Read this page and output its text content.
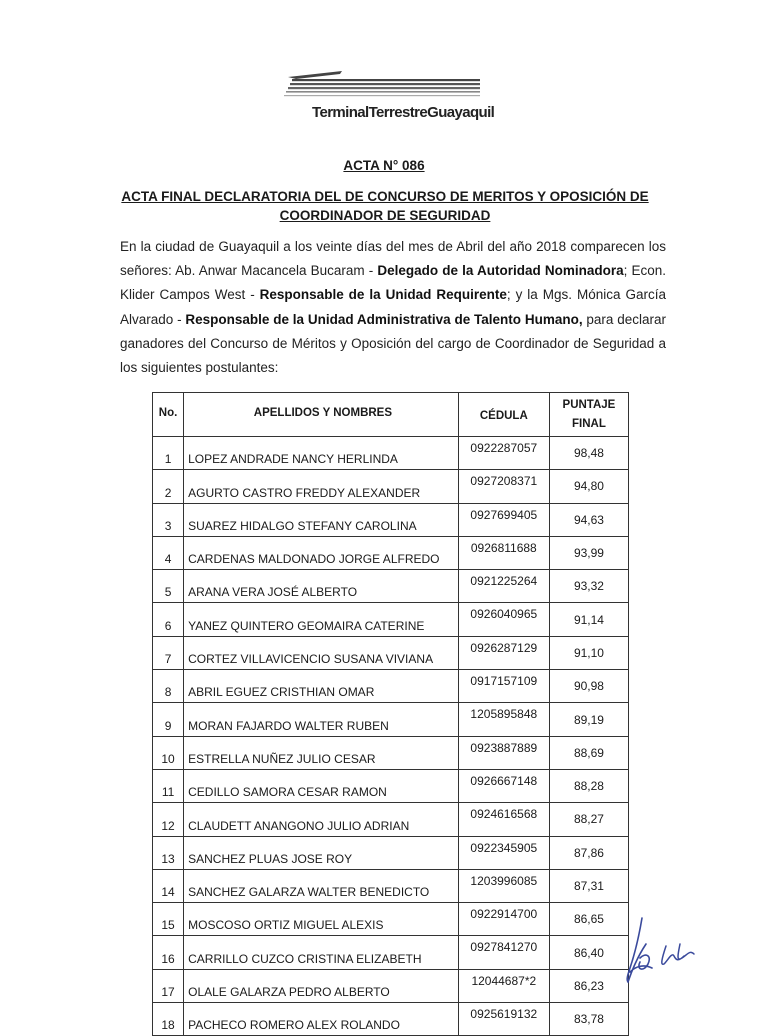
TerminalTerrestreGuayaquil
ACTA N° 086
ACTA FINAL DECLARATORIA DEL DE CONCURSO DE MERITOS Y OPOSICIÓN DE
COORDINADOR DE SEGURIDAD
En la ciudad de Guayaquil a los veinte días del mes de Abril del año 2018 comparecen los señores: Ab. Anwar Macancela Bucaram - Delegado de la Autoridad Nominadora; Econ. Klider Campos West - Responsable de la Unidad Requirente; y la Mgs. Mónica García Alvarado - Responsable de la Unidad Administrativa de Talento Humano, para declarar ganadores del Concurso de Méritos y Oposición del cargo de Coordinador de Seguridad a los siguientes postulantes:
No.	APELLIDOS Y NOMBRES	CÉDULA	PUNTAJE
FINAL

1	LOPEZ ANDRADE NANCY HERLINDA	0922287057	98,48
2	AGURTO CASTRO FREDDY ALEXANDER	0927208371	94,80
3	SUAREZ HIDALGO STEFANY CAROLINA	0927699405	94,63
4	CARDENAS MALDONADO JORGE ALFREDO	0926811688	93,99
5	ARANA VERA JOSÉ ALBERTO	0921225264	93,32
6	YANEZ QUINTERO GEOMAIRA CATERINE	0926040965	91,14
7	CORTEZ VILLAVICENCIO SUSANA VIVIANA	0926287129	91,10
8	ABRIL EGUEZ CRISTHIAN OMAR	0917157109	90,98
9	MORAN FAJARDO WALTER RUBEN	1205895848	89,19
10	ESTRELLA NUÑEZ JULIO CESAR	0923887889	88,69
11	CEDILLO SAMORA CESAR RAMON	0926667148	88,28
12	CLAUDETT ANANGONO JULIO ADRIAN	0924616568	88,27
13	SANCHEZ PLUAS JOSE ROY	0922345905	87,86
14	SANCHEZ GALARZA WALTER BENEDICTO	1203996085	87,31
15	MOSCOSO ORTIZ MIGUEL ALEXIS	0922914700	86,65
16	CARRILLO CUZCO CRISTINA ELIZABETH	0927841270	86,40
17	OLALE GALARZA PEDRO ALBERTO	12044687*2	86,23
18	PACHECO ROMERO ALEX ROLANDO	0925619132	83,78
